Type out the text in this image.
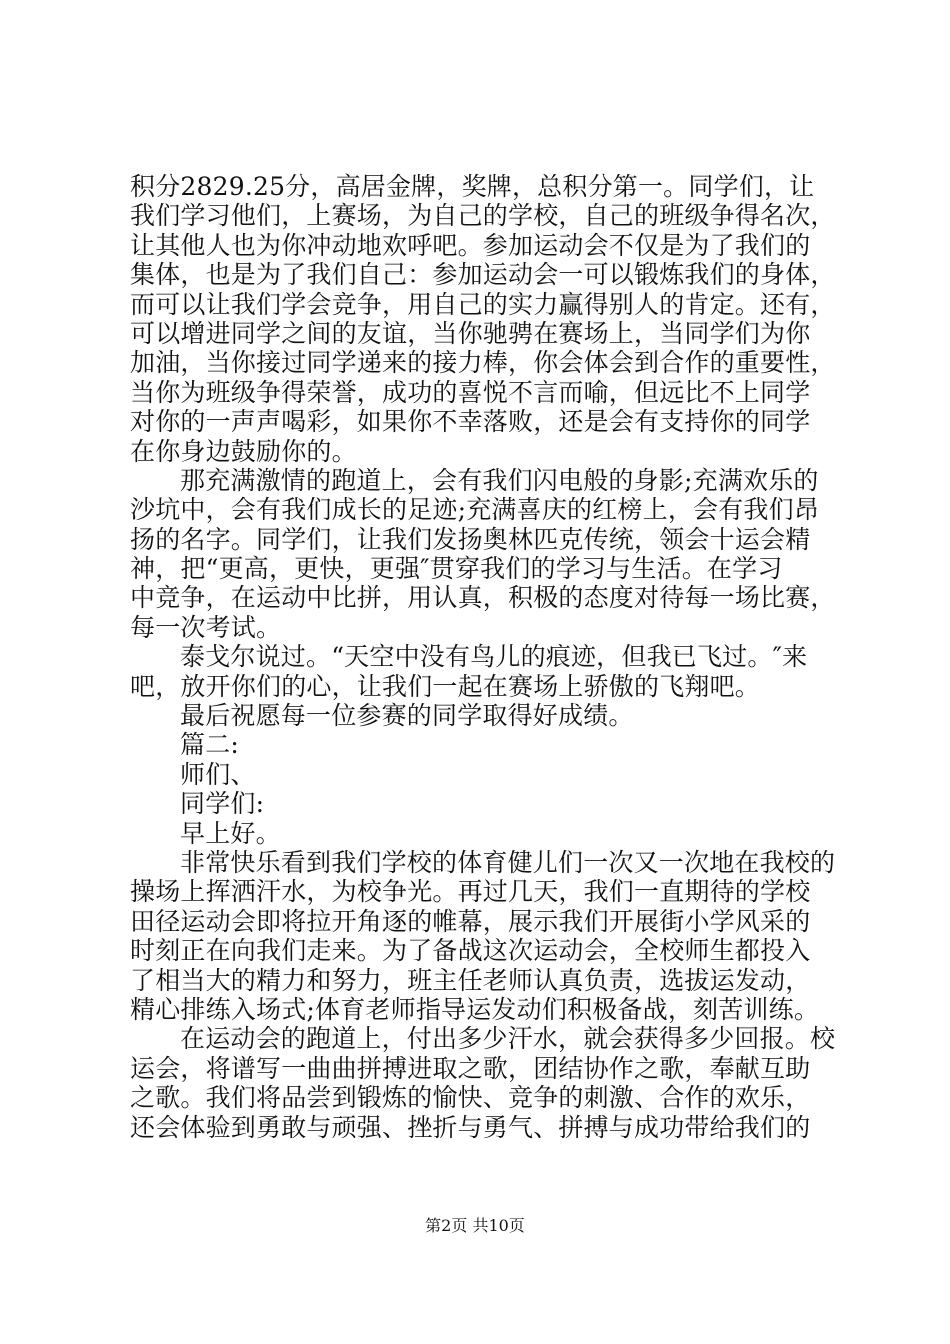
积分2829.25分，高居金牌，奖牌，总积分第一。同学们，让
我们学习他们，上赛场，为自己的学校，自己的班级争得名次，
让其他人也为你冲动地欢呼吧。参加运动会不仅是为了我们的
集体，也是为了我们自己：参加运动会一可以锻炼我们的身体，
而可以让我们学会竞争，用自己的实力赢得别人的肯定。还有，
可以增进同学之间的友谊，当你驰骋在赛场上，当同学们为你
加油，当你接过同学递来的接力棒，你会体会到合作的重要性，
当你为班级争得荣誉，成功的喜悦不言而喻，但远比不上同学
对你的一声声喝彩，如果你不幸落败，还是会有支持你的同学
在你身边鼓励你的。
那充满激情的跑道上，会有我们闪电般的身影;充满欢乐的
沙坑中，会有我们成长的足迹;充满喜庆的红榜上，会有我们昂
扬的名字。同学们，让我们发扬奥林匹克传统，领会十运会精
神，把“更高，更快，更强″贯穿我们的学习与生活。在学习
中竞争，在运动中比拼，用认真，积极的态度对待每一场比赛，
每一次考试。
泰戈尔说过。“天空中没有鸟儿的痕迹，但我已飞过。″来
吧，放开你们的心，让我们一起在赛场上骄傲的飞翔吧。
最后祝愿每一位参赛的同学取得好成绩。
篇二:
师们、
同学们:
早上好。
非常快乐看到我们学校的体育健儿们一次又一次地在我校的
操场上挥洒汗水，为校争光。再过几天，我们一直期待的学校
田径运动会即将拉开角逐的帷幕，展示我们开展街小学风采的
时刻正在向我们走来。为了备战这次运动会，全校师生都投入
了相当大的精力和努力，班主任老师认真负责，选拔运发动，
精心排练入场式;体育老师指导运发动们积极备战，刻苦训练。
在运动会的跑道上，付出多少汗水，就会获得多少回报。校
运会，将谱写一曲曲拼搏进取之歌，团结协作之歌，奉献互助
之歌。我们将品尝到锻炼的愉快、竞争的刺激、合作的欢乐，
还会体验到勇敢与顽强、挫折与勇气、拼搏与成功带给我们的
第2页 共10页
